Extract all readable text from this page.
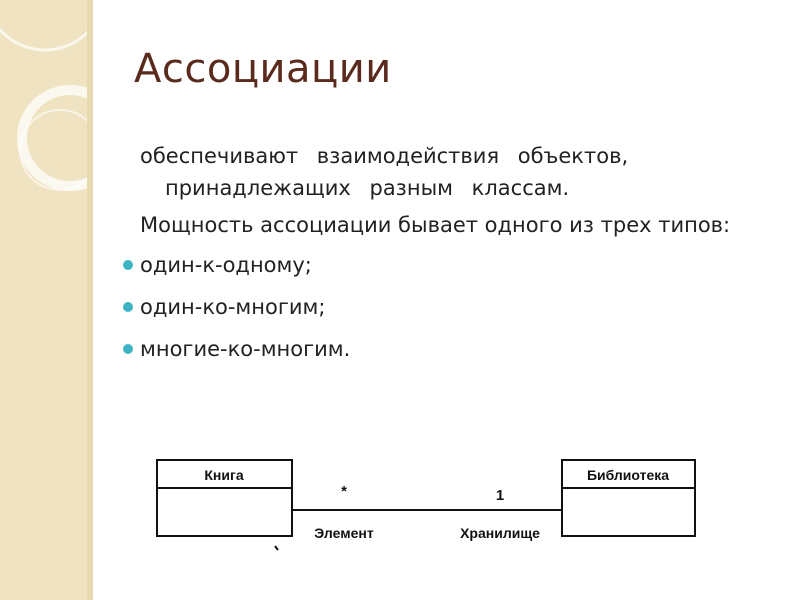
Ассоциации

обеспечивают взаимодействия объектов, принадлежащих разным классам.

Мощность ассоциации бывает одного из трех типов:

один-к-одному;
один-ко-многим;
многие-ко-многим.
Книга	Библиотека
*	1
Элемент	Хранилище
